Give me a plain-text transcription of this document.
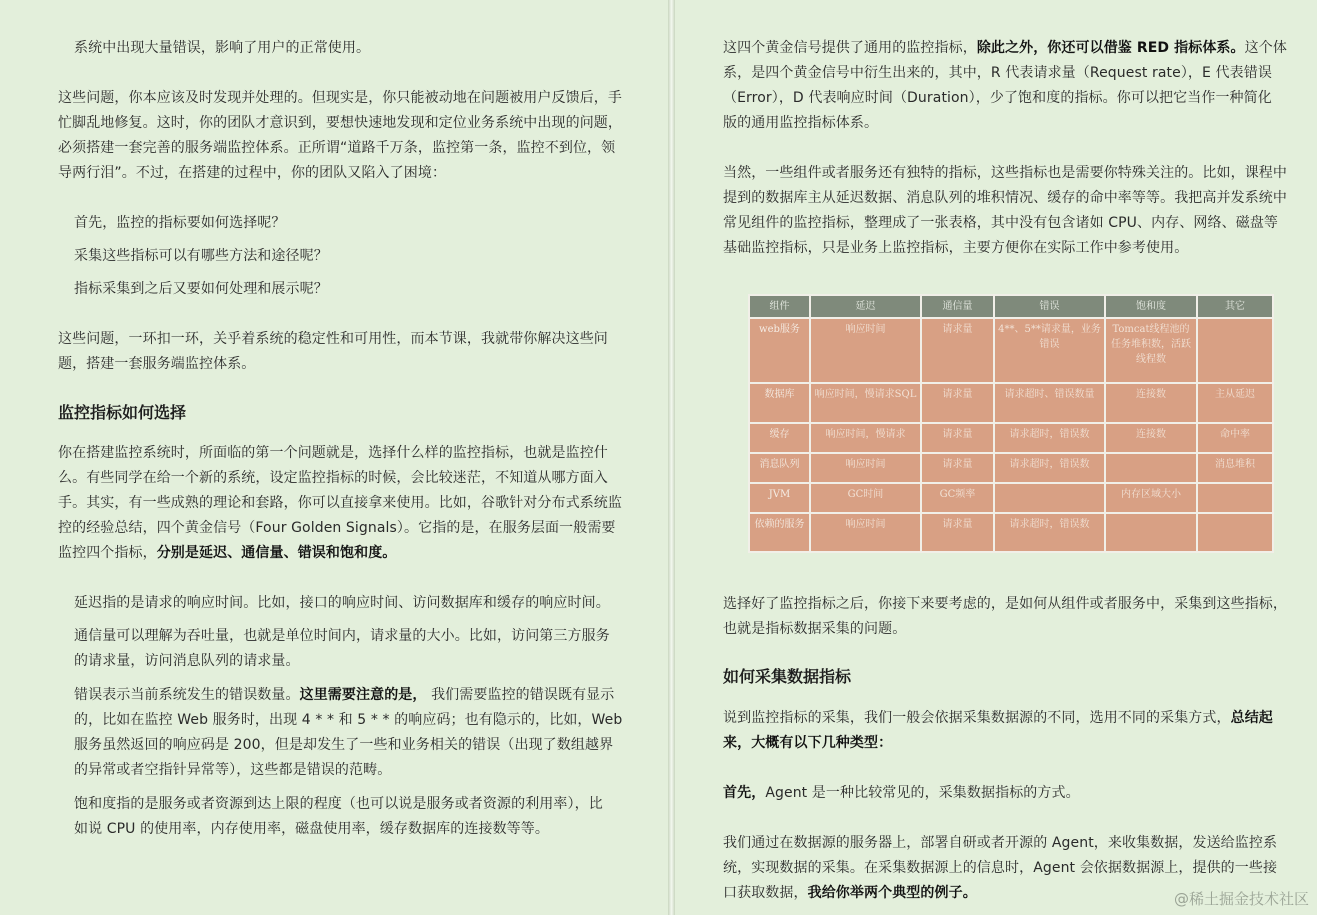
系统中出现大量错误，影响了用户的正常使用。

这些问题，你本应该及时发现并处理的。但现实是，你只能被动地在问题被用户反馈后，手

忙脚乱地修复。这时，你的团队才意识到，要想快速地发现和定位业务系统中出现的问题，

必须搭建一套完善的服务端监控体系。正所谓“道路千万条，监控第一条，监控不到位，领

导两行泪”。不过，在搭建的过程中，你的团队又陷入了困境：

首先，监控的指标要如何选择呢？

采集这些指标可以有哪些方法和途径呢？

指标采集到之后又要如何处理和展示呢？

这些问题，一环扣一环，关乎着系统的稳定性和可用性，而本节课，我就带你解决这些问

题，搭建一套服务端监控体系。

监控指标如何选择

你在搭建监控系统时，所面临的第一个问题就是，选择什么样的监控指标，也就是监控什

么。有些同学在给一个新的系统，设定监控指标的时候，会比较迷茫，不知道从哪方面入

手。其实，有一些成熟的理论和套路，你可以直接拿来使用。比如，谷歌针对分布式系统监

控的经验总结，四个黄金信号（Four Golden Signals）。它指的是，在服务层面一般需要

监控四个指标，分别是延迟、通信量、错误和饱和度。

延迟指的是请求的响应时间。比如，接口的响应时间、访问数据库和缓存的响应时间。

通信量可以理解为吞吐量，也就是单位时间内，请求量的大小。比如，访问第三方服务

的请求量，访问消息队列的请求量。

错误表示当前系统发生的错误数量。这里需要注意的是， 我们需要监控的错误既有显示

的，比如在监控 Web 服务时，出现 4 * * 和 5 * * 的响应码；也有隐示的，比如，Web

服务虽然返回的响应码是 200，但是却发生了一些和业务相关的错误（出现了数组越界

的异常或者空指针异常等），这些都是错误的范畴。

饱和度指的是服务或者资源到达上限的程度（也可以说是服务或者资源的利用率），比

如说 CPU 的使用率，内存使用率，磁盘使用率，缓存数据库的连接数等等。

这四个黄金信号提供了通用的监控指标，除此之外，你还可以借鉴 RED 指标体系。这个体

系，是四个黄金信号中衍生出来的，其中，R 代表请求量（Request rate），E 代表错误

（Error），D 代表响应时间（Duration），少了饱和度的指标。你可以把它当作一种简化

版的通用监控指标体系。

当然，一些组件或者服务还有独特的指标，这些指标也是需要你特殊关注的。比如，课程中

提到的数据库主从延迟数据、消息队列的堆积情况、缓存的命中率等等。我把高并发系统中

常见组件的监控指标，整理成了一张表格，其中没有包含诸如 CPU、内存、网络、磁盘等

基础监控指标，只是业务上监控指标，主要方便你在实际工作中参考使用。

组件	延迟	通信量	错误	饱和度	其它
web服务	响应时间	请求量	4**、5**请求量，业务错误	Tomcat线程池的任务堆积数，活跃线程数	
数据库	响应时间，慢请求SQL	请求量	请求超时、错误数量	连接数	主从延迟
缓存	响应时间，慢请求	请求量	请求超时，错误数	连接数	命中率
消息队列	响应时间	请求量	请求超时，错误数		消息堆积
JVM	GC时间	GC频率		内存区域大小	
依赖的服务	响应时间	请求量	请求超时，错误数		

选择好了监控指标之后，你接下来要考虑的，是如何从组件或者服务中，采集到这些指标，

也就是指标数据采集的问题。

如何采集数据指标

说到监控指标的采集，我们一般会依据采集数据源的不同，选用不同的采集方式，总结起

来，大概有以下几种类型：

首先，Agent 是一种比较常见的，采集数据指标的方式。

我们通过在数据源的服务器上，部署自研或者开源的 Agent，来收集数据，发送给监控系

统，实现数据的采集。在采集数据源上的信息时，Agent 会依据数据源上，提供的一些接

口获取数据，我给你举两个典型的例子。	@稀土掘金技术社区
